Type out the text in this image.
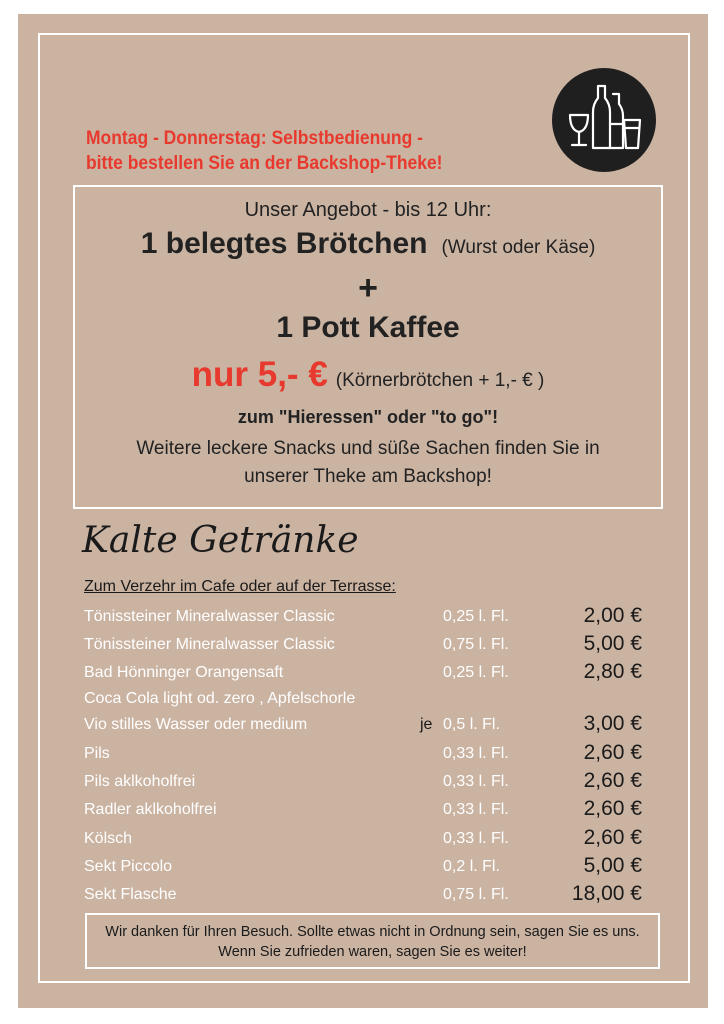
Montag - Donnerstag: Selbstbedienung -
bitte bestellen Sie an der Backshop-Theke!
Unser Angebot - bis 12 Uhr:
1 belegtes Brötchen (Wurst oder Käse)
+
1 Pott Kaffee
nur 5,- € (Körnerbrötchen + 1,- € )
zum "Hieressen" oder "to go"!
Weitere leckere Snacks und süße Sachen finden Sie in
unserer Theke am Backshop!
Kalte Getränke
Zum Verzehr im Cafe oder auf der Terrasse:
Tönissteiner Mineralwasser Classic	0,25 l. Fl.	2,00 €
Tönissteiner Mineralwasser Classic	0,75 l. Fl.	5,00 €
Bad Hönninger Orangensaft	0,25 l. Fl.	2,80 €
Coca Cola light od. zero , Apfelschorle
Vio stilles Wasser oder medium	je 0,5 l. Fl.	3,00 €
Pils	0,33 l. Fl.	2,60 €
Pils aklkoholfrei	0,33 l. Fl.	2,60 €
Radler aklkoholfrei	0,33 l. Fl.	2,60 €
Kölsch	0,33 l. Fl.	2,60 €
Sekt Piccolo	0,2 l. Fl.	5,00 €
Sekt Flasche	0,75 l. Fl.	18,00 €
Wir danken für Ihren Besuch. Sollte etwas nicht in Ordnung sein, sagen Sie es uns.
Wenn Sie zufrieden waren, sagen Sie es weiter!
